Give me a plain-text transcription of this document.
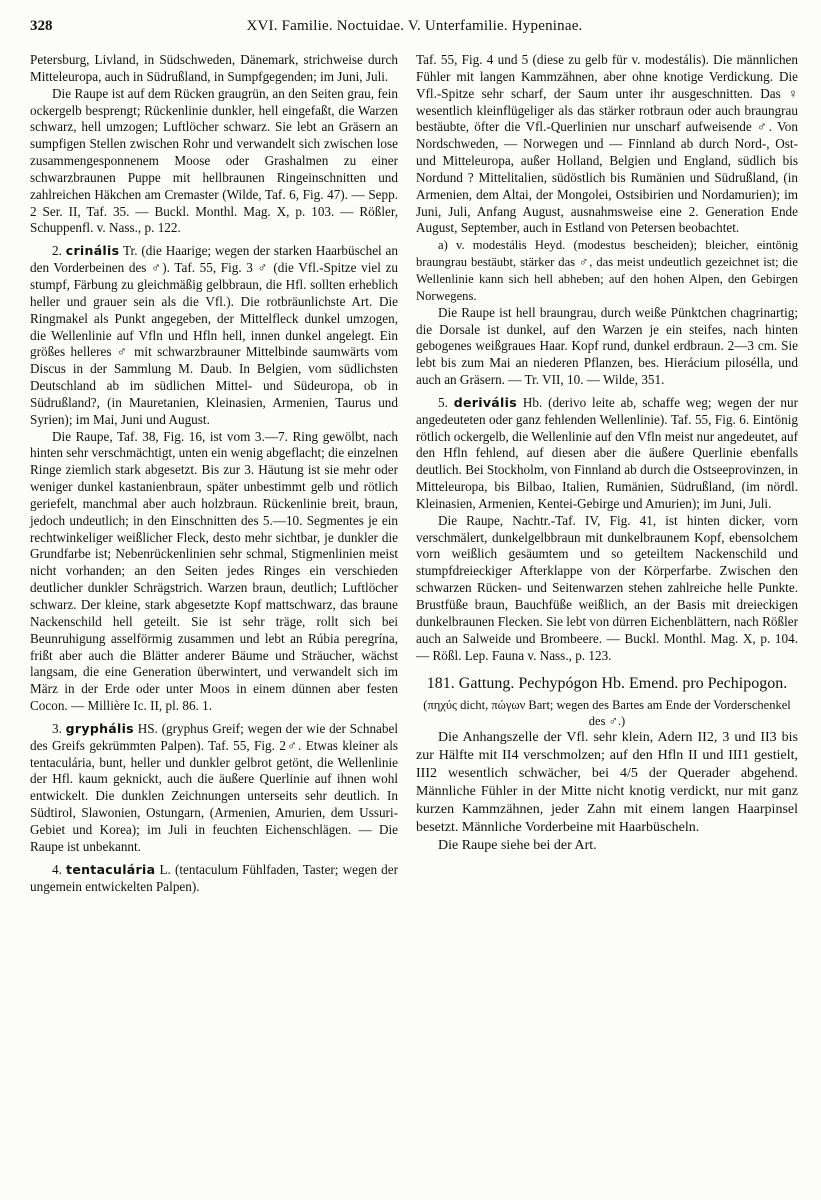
328	XVI. Familie. Noctuidae. V. Unterfamilie. Hypeninae.

Petersburg, Livland, in Südschweden, Dänemark, strichweise durch Mitteleuropa, auch in Südrußland, in Sumpfgegenden; im Juni, Juli.

Die Raupe ist auf dem Rücken graugrün, an den Seiten grau, fein ockergelb besprengt; Rückenlinie dunkler, hell eingefaßt, die Warzen schwarz, hell umzogen; Luftlöcher schwarz. Sie lebt an Gräsern an sumpfigen Stellen zwischen Rohr und verwandelt sich zwischen lose zusammengesponnenem Moose oder Grashalmen zu einer schwarzbraunen Puppe mit hellbraunen Ringeinschnitten und zahlreichen Häkchen am Cremaster (Wilde, Taf. 6, Fig. 47). — Sepp. 2 Ser. II, Taf. 35. — Buckl. Monthl. Mag. X, p. 103. — Rößler, Schuppenfl. v. Nass., p. 122.

2. crinális Tr. (die Haarige; wegen der starken Haarbüschel an den Vorderbeinen des ♂). Taf. 55, Fig. 3 ♂ (die Vfl.-Spitze viel zu stumpf, Färbung zu gleichmäßig gelbbraun, die Hfl. sollten erheblich heller und grauer sein als die Vfl.). Die rotbräunlichste Art. Die Ringmakel als Punkt angegeben, der Mittelfleck dunkel umzogen, die Wellenlinie auf Vfln und Hfln hell, innen dunkel angelegt. Ein größes helleres ♂ mit schwarzbrauner Mittelbinde saumwärts vom Discus in der Sammlung M. Daub. In Belgien, vom südlichsten Deutschland ab im südlichen Mittel- und Südeuropa, ob in Südrußland?, (in Mauretanien, Kleinasien, Armenien, Taurus und Syrien); im Mai, Juni und August.

Die Raupe, Taf. 38, Fig. 16, ist vom 3.—7. Ring gewölbt, nach hinten sehr verschmächtigt, unten ein wenig abgeflacht; die einzelnen Ringe ziemlich stark abgesetzt. Bis zur 3. Häutung ist sie mehr oder weniger dunkel kastanienbraun, später unbestimmt gelb und rötlich geriefelt, manchmal aber auch holzbraun. Rückenlinie breit, braun, jedoch undeutlich; in den Einschnitten des 5.—10. Segmentes je ein rechtwinkeliger weißlicher Fleck, desto mehr sichtbar, je dunkler die Grundfarbe ist; Nebenrückenlinien sehr schmal, Stigmenlinien meist nicht vorhanden; an den Seiten jedes Ringes ein verschieden deutlicher dunkler Schrägstrich. Warzen braun, deutlich; Luftlöcher schwarz. Der kleine, stark abgesetzte Kopf mattschwarz, das braune Nackenschild hell geteilt. Sie ist sehr träge, rollt sich bei Beunruhigung asselförmig zusammen und lebt an Rúbia peregrína, frißt aber auch die Blätter anderer Bäume und Sträucher, wächst langsam, die eine Generation überwintert, und verwandelt sich im März in der Erde oder unter Moos in einem dünnen aber festen Cocon. — Millière Ic. II, pl. 86. 1.

3. gryphális HS. (gryphus Greif; wegen der wie der Schnabel des Greifs gekrümmten Palpen). Taf. 55, Fig. 2♂. Etwas kleiner als tentaculária, bunt, heller und dunkler gelbrot getönt, die Wellenlinie der Hfl. kaum geknickt, auch die äußere Querlinie auf ihnen wohl entwickelt. Die dunklen Zeichnungen unterseits sehr deutlich. In Südtirol, Slawonien, Ostungarn, (Armenien, Amurien, dem Ussuri-Gebiet und Korea); im Juli in feuchten Eichenschlägen. — Die Raupe ist unbekannt.

4. tentaculária L. (tentaculum Fühlfaden, Taster; wegen der ungemein entwickelten Palpen).

Taf. 55, Fig. 4 und 5 (diese zu gelb für v. modestális). Die männlichen Fühler mit langen Kammzähnen, aber ohne knotige Verdickung. Die Vfl.-Spitze sehr scharf, der Saum unter ihr ausgeschnitten. Das ♀ wesentlich kleinflügeliger als das stärker rotbraun oder auch braungrau bestäubte, öfter die Vfl.-Querlinien nur unscharf aufweisende ♂. Von Nordschweden, — Norwegen und — Finnland ab durch Nord-, Ost- und Mitteleuropa, außer Holland, Belgien und England, südlich bis Nordund ? Mittelitalien, südöstlich bis Rumänien und Südrußland, (in Armenien, dem Altai, der Mongolei, Ostsibirien und Nordamurien); im Juni, Juli, Anfang August, ausnahmsweise eine 2. Generation Ende August, September, auch in Estland von Petersen beobachtet.

a) v. modestális Heyd. (modestus bescheiden); bleicher, eintönig braungrau bestäubt, stärker das ♂, das meist undeutlich gezeichnet ist; die Wellenlinie kann sich hell abheben; auf den hohen Alpen, den Gebirgen Norwegens.

Die Raupe ist hell braungrau, durch weiße Pünktchen chagrinartig; die Dorsale ist dunkel, auf den Warzen je ein steifes, nach hinten gebogenes weißgraues Haar. Kopf rund, dunkel erdbraun. 2—3 cm. Sie lebt bis zum Mai an niederen Pflanzen, bes. Hierácium pilosélla, und auch an Gräsern. — Tr. VII, 10. — Wilde, 351.

5. derivális Hb. (derivo leite ab, schaffe weg; wegen der nur angedeuteten oder ganz fehlenden Wellenlinie). Taf. 55, Fig. 6. Eintönig rötlich ockergelb, die Wellenlinie auf den Vfln meist nur angedeutet, auf den Hfln fehlend, auf diesen aber die äußere Querlinie ebenfalls deutlich. Bei Stockholm, von Finnland ab durch die Ostseeprovinzen, in Mitteleuropa, bis Bilbao, Italien, Rumänien, Südrußland, (im nördl. Kleinasien, Armenien, Kentei-Gebirge und Amurien); im Juni, Juli.

Die Raupe, Nachtr.-Taf. IV, Fig. 41, ist hinten dicker, vorn verschmälert, dunkelgelbbraun mit dunkelbraunem Kopf, ebensolchem vorn weißlich gesäumtem und so geteiltem Nackenschild und stumpfdreieckiger Afterklappe von der Körperfarbe. Zwischen den schwarzen Rücken- und Seitenwarzen stehen zahlreiche helle Punkte. Brustfüße braun, Bauchfüße weißlich, an der Basis mit dreieckigen dunkelbraunen Flecken. Sie lebt von dürren Eichenblättern, nach Rößler auch an Salweide und Brombeere. — Buckl. Monthl. Mag. X, p. 104. — Rößl. Lep. Fauna v. Nass., p. 123.

181. Gattung. Pechypógon Hb. Emend. pro Pechipogon.

(πηχύς dicht, πώγων Bart; wegen des Bartes am Ende der Vorderschenkel des ♂.)

Die Anhangszelle der Vfl. sehr klein, Adern II2, 3 und II3 bis zur Hälfte mit II4 verschmolzen; auf den Hfln II und III1 gestielt, III2 wesentlich schwächer, bei 4/5 der Querader abgehend. Männliche Fühler in der Mitte nicht knotig verdickt, nur mit ganz kurzen Kammzähnen, jeder Zahn mit einem langen Haarpinsel besetzt. Männliche Vorderbeine mit Haarbüscheln.

Die Raupe siehe bei der Art.
